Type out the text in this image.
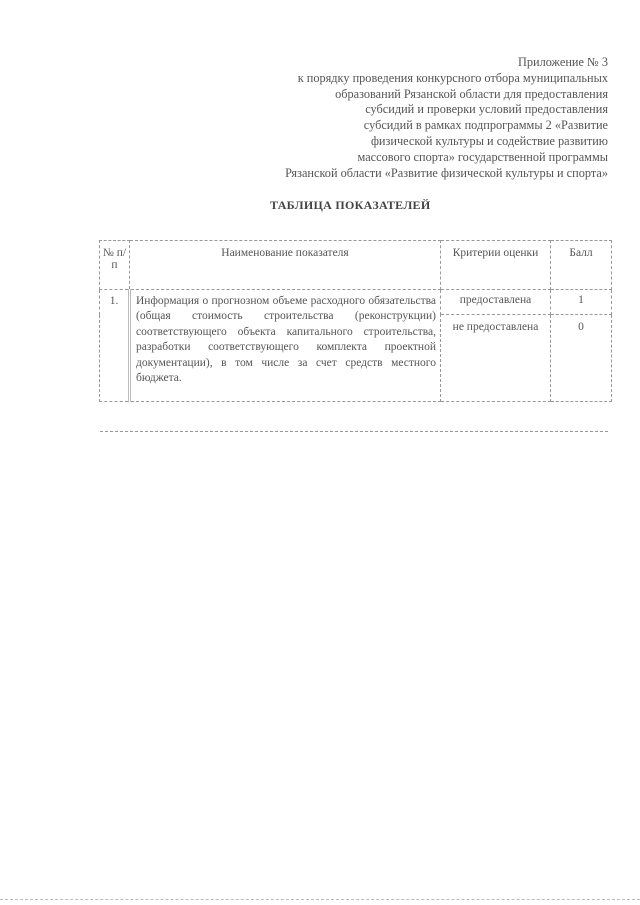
Приложение № 3
к порядку проведения конкурсного отбора муниципальных
образований Рязанской области для предоставления
субсидий и проверки условий предоставления
субсидий в рамках подпрограммы 2 «Развитие
физической культуры и содействие развитию
массового спорта» государственной программы
Рязанской области «Развитие физической культуры и спорта»
ТАБЛИЦА ПОКАЗАТЕЛЕЙ
№ п/п	Наименование показателя	Критерии оценки	Балл
1.	Информация о прогнозном объеме расходного обязательства (общая стоимость строительства (реконструкции) соответствующего объекта капитального строительства, разработки соответствующего комплекта проектной документации), в том числе за счет средств местного бюджета.	предоставлена	1
		не предоставлена	0
